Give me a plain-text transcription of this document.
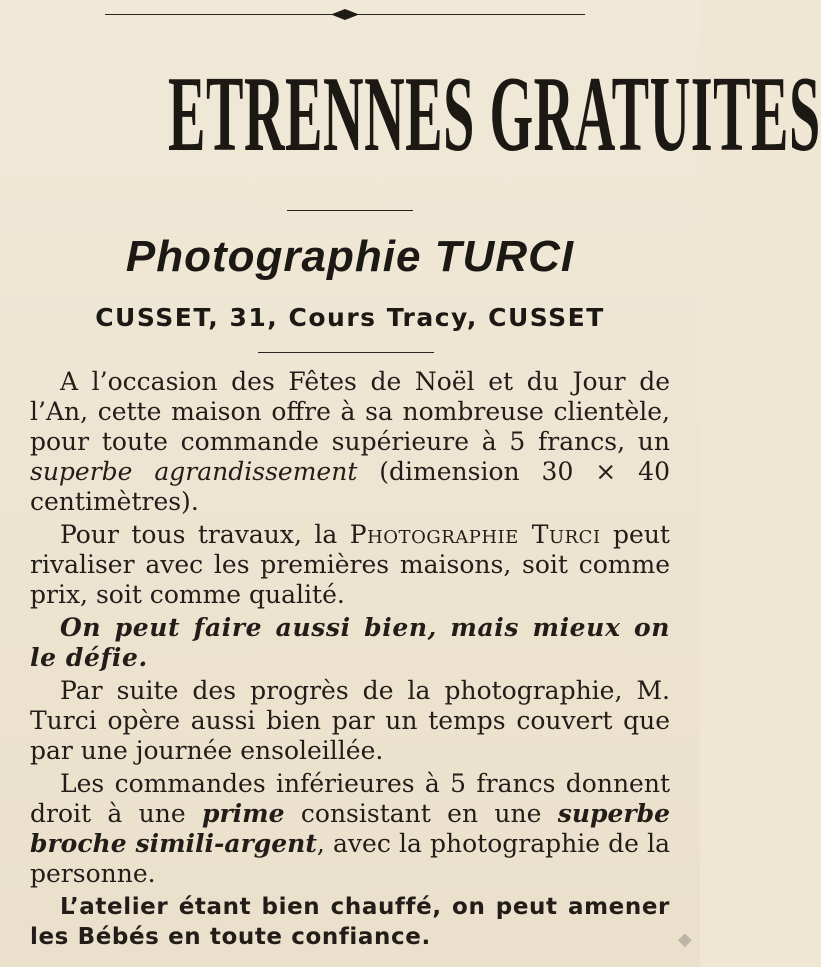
ETRENNES GRATUITES
Photographie TURCI
CUSSET, 31, Cours Tracy, CUSSET

A l’occasion des Fêtes de Noël et du Jour de l’An, cette maison offre à sa nombreuse clientèle, pour toute commande supérieure à 5 francs, un superbe agrandissement (dimension 30 × 40 centimètres).

Pour tous travaux, la Photographie Turci peut rivaliser avec les premières maisons, soit comme prix, soit comme qualité.

On peut faire aussi bien, mais mieux on le défie.

Par suite des progrès de la photographie, M. Turci opère aussi bien par un temps couvert que par une journée ensoleillée.

Les commandes inférieures à 5 francs donnent droit à une prime consistant en une superbe broche simili-argent, avec la photographie de la personne.

L’atelier étant bien chauffé, on peut amener les Bébés en toute confiance.	◆
